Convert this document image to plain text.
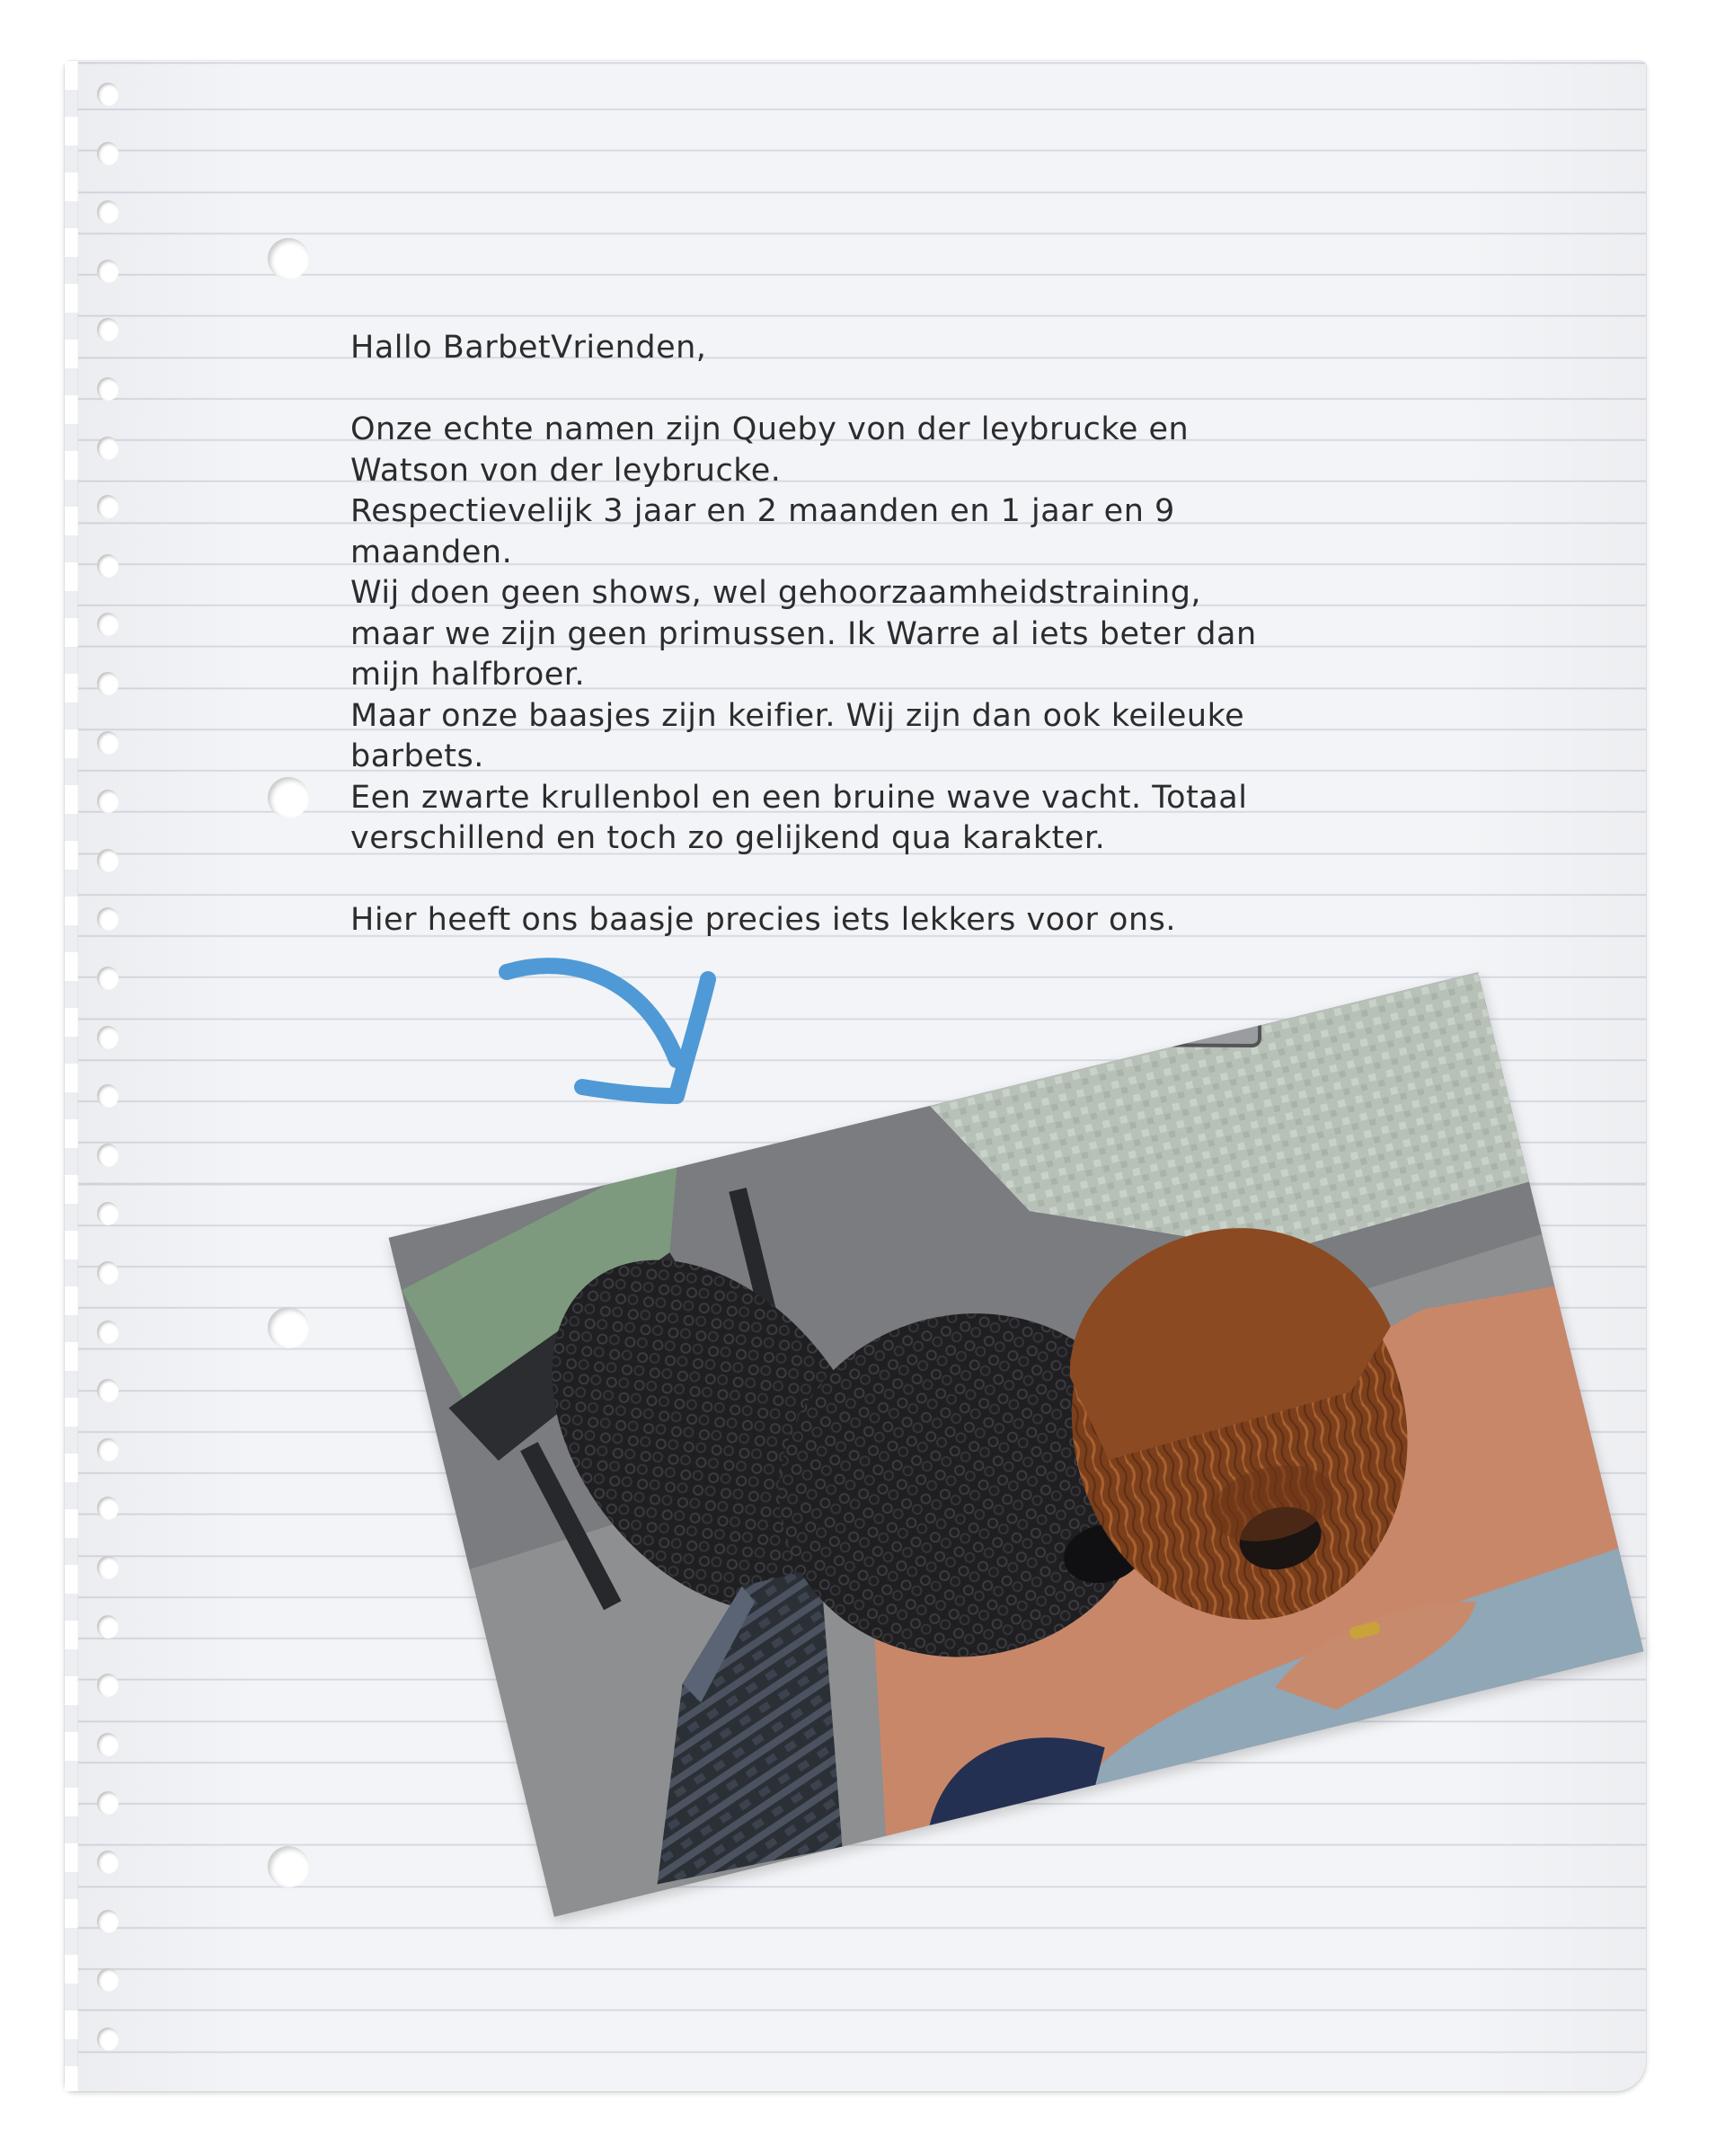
Hallo BarbetVrienden,
Onze echte namen zijn Queby von der leybrucke en
Watson von der leybrucke.
Respectievelijk 3 jaar en 2 maanden en 1 jaar en 9
maanden.
Wij doen geen shows, wel gehoorzaamheidstraining,
maar we zijn geen primussen. Ik Warre al iets beter dan
mijn halfbroer.
Maar onze baasjes zijn keifier. Wij zijn dan ook keileuke
barbets.
Een zwarte krullenbol en een bruine wave vacht. Totaal
verschillend en toch zo gelijkend qua karakter.
Hier heeft ons baasje precies iets lekkers voor ons.
